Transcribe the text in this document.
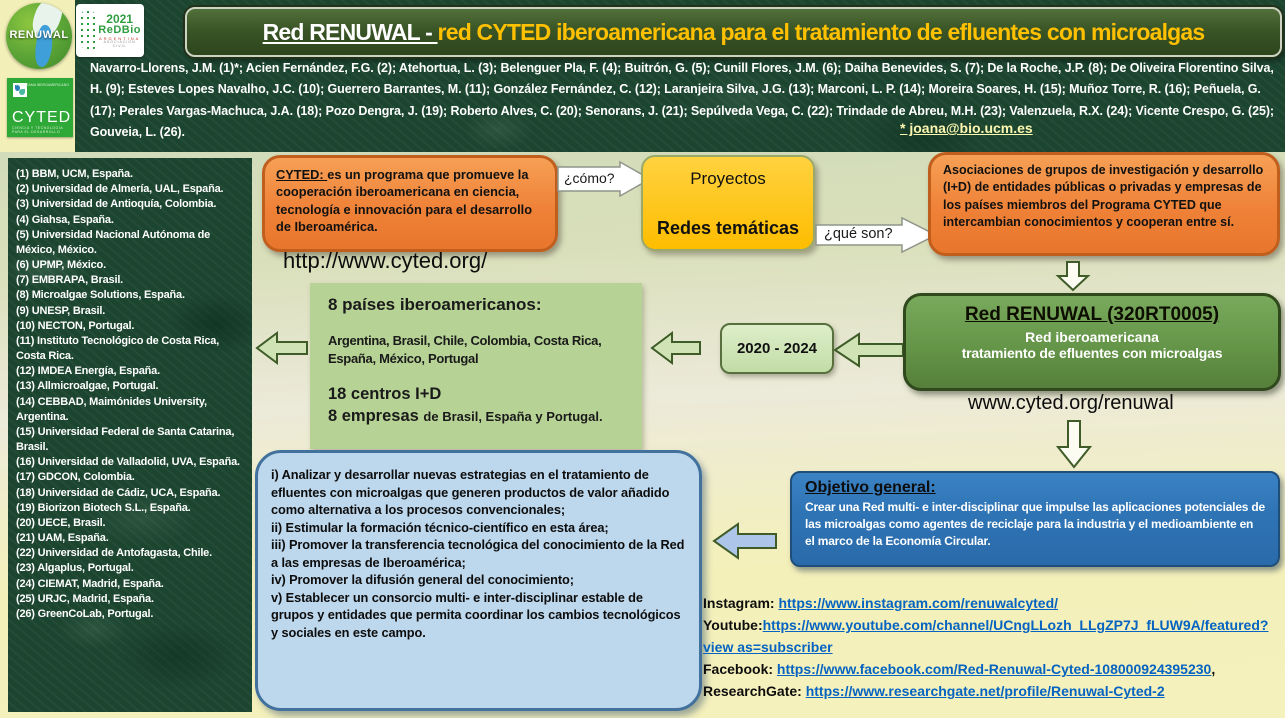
RENUWAL
2021
ReDBio
ARGENTINA
ASOCIACION CIVIL
PROGRAMA IBEROAMERICANO
CYTED
CIENCIA Y TECNOLOGIA PARA EL DESARROLLO
Red RENUWAL - red CYTED iberoamericana para el tratamiento de efluentes con microalgas
Navarro-Llorens, J.M. (1)*; Acien Fernández, F.G. (2); Atehortua, L. (3); Belenguer Pla, F. (4); Buitrón, G. (5); Cunill Flores, J.M. (6); Daiha Benevides, S. (7); De la Roche, J.P. (8); De Oliveira Florentino Silva, H. (9); Esteves Lopes Navalho, J.C. (10); Guerrero Barrantes, M. (11); González Fernández, C. (12); Laranjeira Silva, J.G. (13); Marconi, L. P. (14); Moreira Soares, H. (15); Muñoz Torre, R. (16); Peñuela, G. (17); Perales Vargas-Machuca, J.A. (18); Pozo Dengra, J. (19); Roberto Alves, C. (20); Senorans, J. (21); Sepúlveda Vega, C. (22); Trindade de Abreu, M.H. (23); Valenzuela, R.X. (24); Vicente Crespo, G. (25); Gouveia, L. (26).	* joana@bio.ucm.es
(1) BBM, UCM, España.
(2) Universidad de Almería, UAL, España.
(3) Universidad de Antioquía, Colombia.
(4) Giahsa, España.
(5) Universidad Nacional Autónoma de México, México.
(6) UPMP, México.
(7) EMBRAPA, Brasil.
(8) Microalgae Solutions, España.
(9) UNESP, Brasil.
(10) NECTON, Portugal.
(11) Instituto Tecnológico de Costa Rica, Costa Rica.
(12) IMDEA Energía, España.
(13) Allmicroalgae, Portugal.
(14) CEBBAD, Maimónides University, Argentina.
(15) Universidad Federal de Santa Catarina, Brasil.
(16) Universidad de Valladolid, UVA, España.
(17) GDCON, Colombia.
(18) Universidad de Cádiz, UCA, España.
(19) Biorizon Biotech S.L., España.
(20) UECE, Brasil.
(21) UAM, España.
(22) Universidad de Antofagasta, Chile.
(23) Algaplus, Portugal.
(24) CIEMAT, Madrid, España.
(25) URJC, Madrid, España.
(26) GreenCoLab, Portugal.
CYTED: es un programa que promueve la cooperación iberoamericana en ciencia, tecnología e innovación para el desarrollo de Iberoamérica.
http://www.cyted.org/
¿cómo?	Proyectos
Redes temáticas ¿qué son?
Asociaciones de grupos de investigación y desarrollo (I+D) de entidades públicas o privadas y empresas de los países miembros del Programa CYTED que intercambian conocimientos y cooperan entre sí.
8 países iberoamericanos:
Argentina, Brasil, Chile, Colombia, Costa Rica, España, México, Portugal
18 centros I+D
8 empresas de Brasil, España y Portugal.
2020 - 2024
Red RENUWAL (320RT0005)
Red iberoamericana
tratamiento de efluentes con microalgas
www.cyted.org/renuwal
i) Analizar y desarrollar nuevas estrategias en el tratamiento de efluentes con microalgas que generen productos de valor añadido como alternativa a los procesos convencionales;
ii) Estimular la formación técnico-científico en esta área;
iii) Promover la transferencia tecnológica del conocimiento de la Red a las empresas de Iberoamérica;
iv) Promover la difusión general del conocimiento;
v) Establecer un consorcio multi- e inter-disciplinar estable de grupos y entidades que permita coordinar los cambios tecnológicos y sociales en este campo.
Objetivo general:
Crear una Red multi- e inter-disciplinar que impulse las aplicaciones potenciales de las microalgas como agentes de reciclaje para la industria y el medioambiente en el marco de la Economía Circular.
Instagram: https://www.instagram.com/renuwalcyted/
Youtube:https://www.youtube.com/channel/UCngLLozh_LLgZP7J_fLUW9A/featured?view as=subscriber
Facebook: https://www.facebook.com/Red-Renuwal-Cyted-108000924395230,
ResearchGate: https://www.researchgate.net/profile/Renuwal-Cyted-2
